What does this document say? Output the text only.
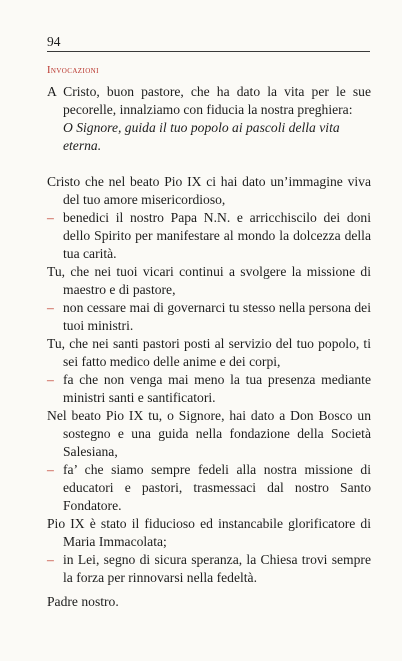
94
Invocazioni

A Cristo, buon pastore, che ha dato la vita per le sue pecorelle, innalziamo con fiducia la nostra preghiera:

O Signore, guida il tuo popolo ai pascoli della vita eterna.

Cristo che nel beato Pio IX ci hai dato un’immagine viva del tuo amore misericordioso,

– benedici il nostro Papa N.N. e arricchiscilo dei doni dello Spirito per manifestare al mondo la dolcezza della tua carità.

Tu, che nei tuoi vicari continui a svolgere la missione di maestro e di pastore,

– non cessare mai di governarci tu stesso nella persona dei tuoi ministri.

Tu, che nei santi pastori posti al servizio del tuo popolo, ti sei fatto medico delle anime e dei corpi,

– fa che non venga mai meno la tua presenza mediante ministri santi e santificatori.

Nel beato Pio IX tu, o Signore, hai dato a Don Bosco un sostegno e una guida nella fondazione della Società Salesiana,

– fa’ che siamo sempre fedeli alla nostra missione di educatori e pastori, trasmessaci dal nostro Santo Fondatore.

Pio IX è stato il fiducioso ed instancabile glorificatore di Maria Immacolata;

– in Lei, segno di sicura speranza, la Chiesa trovi sempre la forza per rinnovarsi nella fedeltà.

Padre nostro.
